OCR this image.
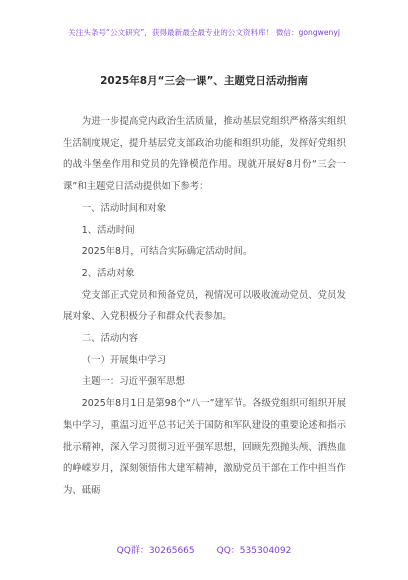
关注头条号“公文研究”，获得最新最全最专业的公文资料库！ 微信：gongwenyj
2025年8月“三会一课”、主题党日活动指南

为进一步提高党内政治生活质量，推动基层党组织严格落实组织生活制度规定，提升基层党支部政治功能和组织功能，发挥好党组织的战斗堡垒作用和党员的先锋模范作用。现就开展好8月份“三会一课”和主题党日活动提供如下参考：

一、活动时间和对象

1、活动时间

2025年8月，可结合实际确定活动时间。

2、活动对象

党支部正式党员和预备党员，视情况可以吸收流动党员、党员发展对象、入党积极分子和群众代表参加。

二、活动内容

（一）开展集中学习

主题一：习近平强军思想

2025年8月1日是第98个“八一”建军节。各级党组织可组织开展集中学习，重温习近平总书记关于国防和军队建设的重要论述和指示批示精神，深入学习贯彻习近平强军思想，回顾先烈抛头颅、洒热血的峥嵘岁月，深刻领悟伟大建军精神，激励党员干部在工作中担当作为、砥砺

QQ群：30265665 QQ：535304092
